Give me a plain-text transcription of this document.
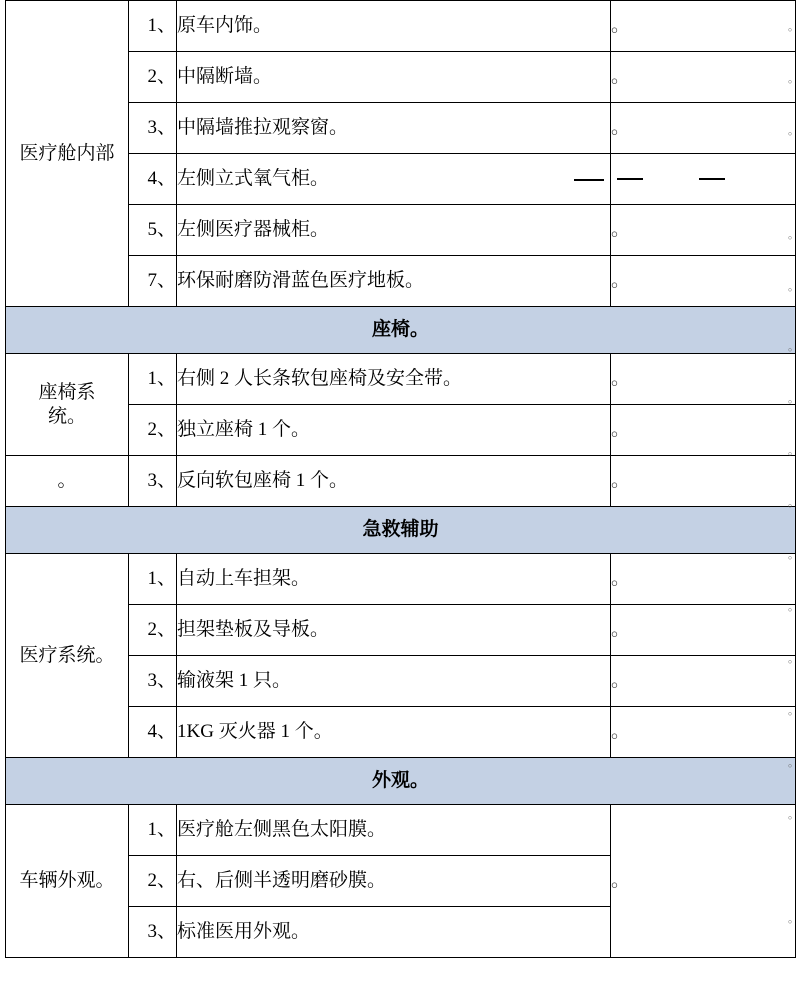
医疗舱内部	1、	原车内饰。	。
	2、	中隔断墙。	。
	3、	中隔墙推拉观察窗。	。
	4、	左侧立式氧气柜。	

	5、	左侧医疗器械柜。	。
	7、	环保耐磨防滑蓝色医疗地板。	。
座椅。			

座椅系
统。	1、	右侧 2 人长条软包座椅及安全带。	。
	2、	独立座椅 1 个。	。
。	3、	反向软包座椅 1 个。	。
急救辅助			
医疗系统。	1、	自动上车担架。	。
	2、	担架垫板及导板。	。
	3、	输液架 1 只。	。
	4、	1KG 灭火器 1 个。	。
外观。			
车辆外观。	1、	医疗舱左侧黑色太阳膜。	。
	2、	右、后侧半透明磨砂膜。	
	3、	标准医用外观。	
。
。
。
。
。
。
。
。
。
。
。
。
。
。
。
。
